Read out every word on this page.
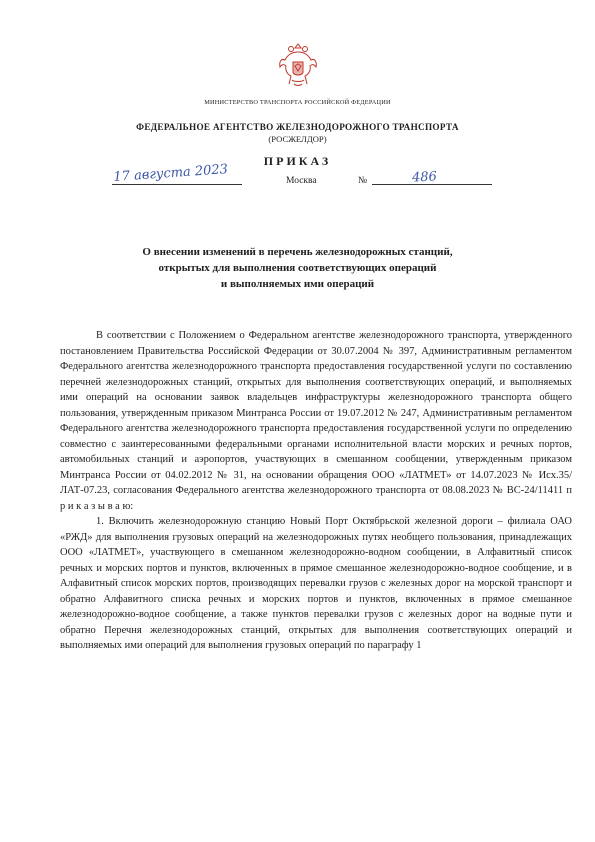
МИНИСТЕРСТВО ТРАНСПОРТА РОССИЙСКОЙ ФЕДЕРАЦИИ
ФЕДЕРАЛЬНОЕ АГЕНТСТВО ЖЕЛЕЗНОДОРОЖНОГО ТРАНСПОРТА
(РОСЖЕЛДОР)
ПРИКАЗ
17 августа 2023	Москва	№	486
О внесении изменений в перечень железнодорожных станций,
открытых для выполнения соответствующих операций
и выполняемых ими операций

В соответствии с Положением о Федеральном агентстве железнодорожного транспорта, утвержденного постановлением Правительства Российской Федерации от 30.07.2004 № 397, Административным регламентом Федерального агентства железнодорожного транспорта предоставления государственной услуги по составлению перечней железнодорожных станций, открытых для выполнения соответствующих операций, и выполняемых ими операций на основании заявок владельцев инфраструктуры железнодорожного транспорта общего пользования, утвержденным приказом Минтранса России от 19.07.2012 № 247, Административным регламентом Федерального агентства железнодорожного транспорта предоставления государственной услуги по определению совместно с заинтересованными федеральными органами исполнительной власти морских и речных портов, автомобильных станций и аэропортов, участвующих в смешанном сообщении, утвержденным приказом Минтранса России от 04.02.2012 № 31, на основании обращения ООО «ЛАТМЕТ» от 14.07.2023 № Исх.35/ЛАТ-07.23, согласования Федерального агентства железнодорожного транспорта от 08.08.2023 № ВС-24/11411 п р и к а з ы в а ю:

1. Включить железнодорожную станцию Новый Порт Октябрьской железной дороги – филиала ОАО «РЖД» для выполнения грузовых операций на железнодорожных путях необщего пользования, принадлежащих ООО «ЛАТМЕТ», участвующего в смешанном железнодорожно-водном сообщении, в Алфавитный список речных и морских портов и пунктов, включенных в прямое смешанное железнодорожно-водное сообщение, и в Алфавитный список морских портов, производящих перевалки грузов с железных дорог на морской транспорт и обратно Алфавитного списка речных и морских портов и пунктов, включенных в прямое смешанное железнодорожно-водное сообщение, а также пунктов перевалки грузов с железных дорог на водные пути и обратно Перечня железнодорожных станций, открытых для выполнения соответствующих операций и выполняемых ими операций для выполнения грузовых операций по параграфу 1
